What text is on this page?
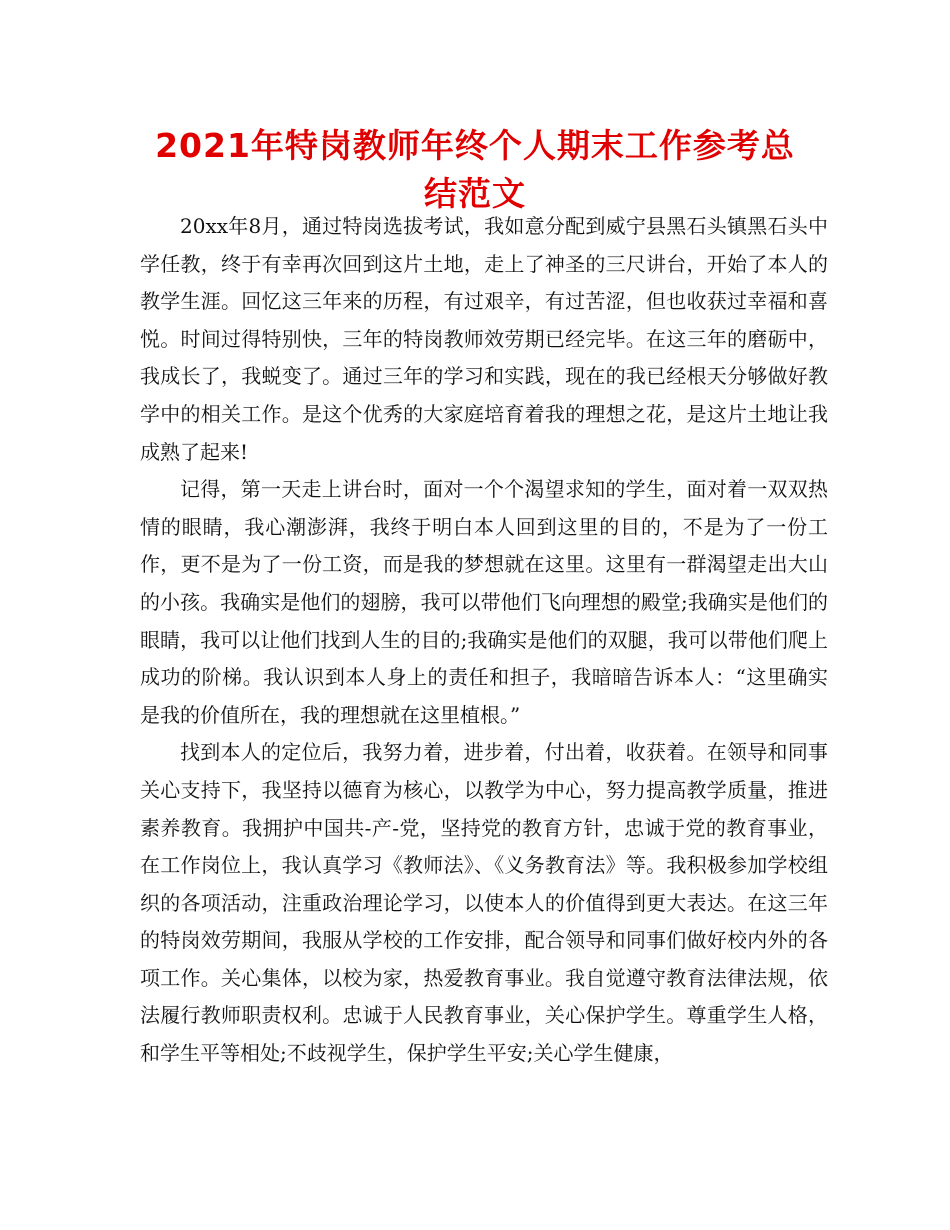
2021年特岗教师年终个人期末工作参考总结范文

20xx年8月，通过特岗选拔考试，我如意分配到威宁县黑石头镇黑石头中学任教，终于有幸再次回到这片土地，走上了神圣的三尺讲台，开始了本人的教学生涯。回忆这三年来的历程，有过艰辛，有过苦涩，但也收获过幸福和喜悦。时间过得特别快，三年的特岗教师效劳期已经完毕。在这三年的磨砺中，我成长了，我蜕变了。通过三年的学习和实践，现在的我已经根天分够做好教学中的相关工作。是这个优秀的大家庭培育着我的理想之花，是这片土地让我成熟了起来!

记得，第一天走上讲台时，面对一个个渴望求知的学生，面对着一双双热情的眼睛，我心潮澎湃，我终于明白本人回到这里的目的，不是为了一份工作，更不是为了一份工资，而是我的梦想就在这里。这里有一群渴望走出大山的小孩。我确实是他们的翅膀，我可以带他们飞向理想的殿堂;我确实是他们的眼睛，我可以让他们找到人生的目的;我确实是他们的双腿，我可以带他们爬上成功的阶梯。我认识到本人身上的责任和担子，我暗暗告诉本人：“这里确实是我的价值所在，我的理想就在这里植根。”

找到本人的定位后，我努力着，进步着，付出着，收获着。在领导和同事关心支持下，我坚持以德育为核心，以教学为中心，努力提高教学质量，推进素养教育。我拥护中国共-产-党，坚持党的教育方针，忠诚于党的教育事业，在工作岗位上，我认真学习《教师法》、《义务教育法》等。我积极参加学校组织的各项活动，注重政治理论学习，以使本人的价值得到更大表达。在这三年的特岗效劳期间，我服从学校的工作安排，配合领导和同事们做好校内外的各项工作。关心集体，以校为家，热爱教育事业。我自觉遵守教育法律法规，依法履行教师职责权利。忠诚于人民教育事业，关心保护学生。尊重学生人格，和学生平等相处;不歧视学生，保护学生平安;关心学生健康，
